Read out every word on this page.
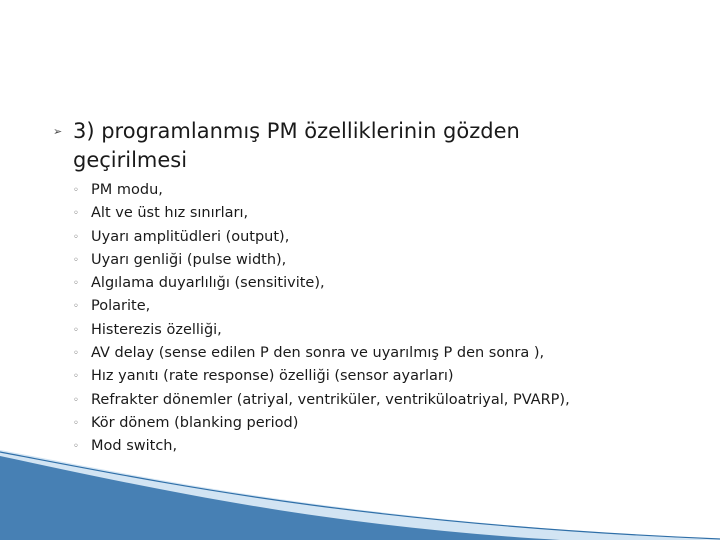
➢ 3) programlanmış PM özelliklerinin gözden geçirilmesi
◦ PM modu,
◦ Alt ve üst hız sınırları,
◦ Uyarı amplitüdleri (output),
◦ Uyarı genliği (pulse width),
◦ Algılama duyarlılığı (sensitivite),
◦ Polarite,
◦ Histerezis özelliği,
◦ AV delay (sense edilen P den sonra ve uyarılmış P den sonra ),
◦ Hız yanıtı (rate response) özelliği (sensor ayarları)
◦ Refrakter dönemler (atriyal, ventriküler, ventriküloatriyal, PVARP),
◦ Kör dönem (blanking period)
◦ Mod switch,
